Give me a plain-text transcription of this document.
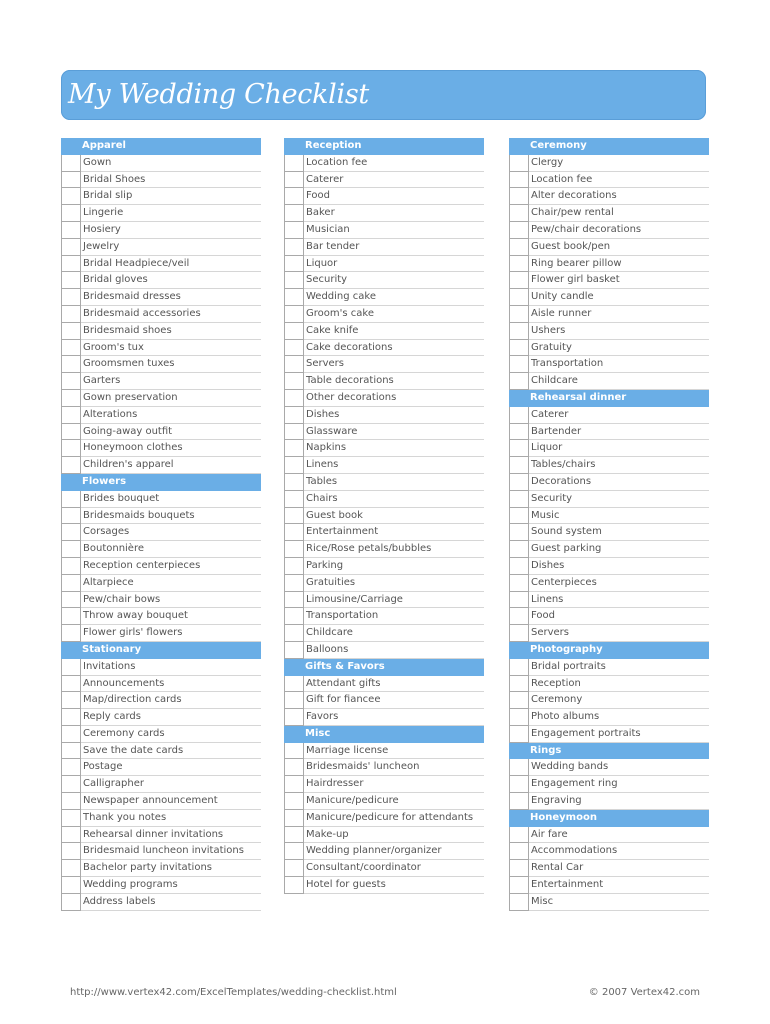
My Wedding Checklist
Apparel
Gown
Bridal Shoes
Bridal slip
Lingerie
Hosiery
Jewelry
Bridal Headpiece/veil
Bridal gloves
Bridesmaid dresses
Bridesmaid accessories
Bridesmaid shoes
Groom's tux
Groomsmen tuxes
Garters
Gown preservation
Alterations
Going-away outfit
Honeymoon clothes
Children's apparel
Flowers
Brides bouquet
Bridesmaids bouquets
Corsages
Boutonnière
Reception centerpieces
Altarpiece
Pew/chair bows
Throw away bouquet
Flower girls' flowers
Stationary
Invitations
Announcements
Map/direction cards
Reply cards
Ceremony cards
Save the date cards
Postage
Calligrapher
Newspaper announcement
Thank you notes
Rehearsal dinner invitations
Bridesmaid luncheon invitations
Bachelor party invitations
Wedding programs
Address labels
Reception
Location fee
Caterer
Food
Baker
Musician
Bar tender
Liquor
Security
Wedding cake
Groom's cake
Cake knife
Cake decorations
Servers
Table decorations
Other decorations
Dishes
Glassware
Napkins
Linens
Tables
Chairs
Guest book
Entertainment
Rice/Rose petals/bubbles
Parking
Gratuities
Limousine/Carriage
Transportation
Childcare
Balloons
Gifts & Favors
Attendant gifts
Gift for fiancee
Favors
Misc
Marriage license
Bridesmaids' luncheon
Hairdresser
Manicure/pedicure
Manicure/pedicure for attendants
Make-up
Wedding planner/organizer
Consultant/coordinator
Hotel for guests
Ceremony
Clergy
Location fee
Alter decorations
Chair/pew rental
Pew/chair decorations
Guest book/pen
Ring bearer pillow
Flower girl basket
Unity candle
Aisle runner
Ushers
Gratuity
Transportation
Childcare
Rehearsal dinner
Caterer
Bartender
Liquor
Tables/chairs
Decorations
Security
Music
Sound system
Guest parking
Dishes
Centerpieces
Linens
Food
Servers
Photography
Bridal portraits
Reception
Ceremony
Photo albums
Engagement portraits
Rings
Wedding bands
Engagement ring
Engraving
Honeymoon
Air fare
Accommodations
Rental Car
Entertainment
Misc
http://www.vertex42.com/ExcelTemplates/wedding-checklist.html	© 2007 Vertex42.com
